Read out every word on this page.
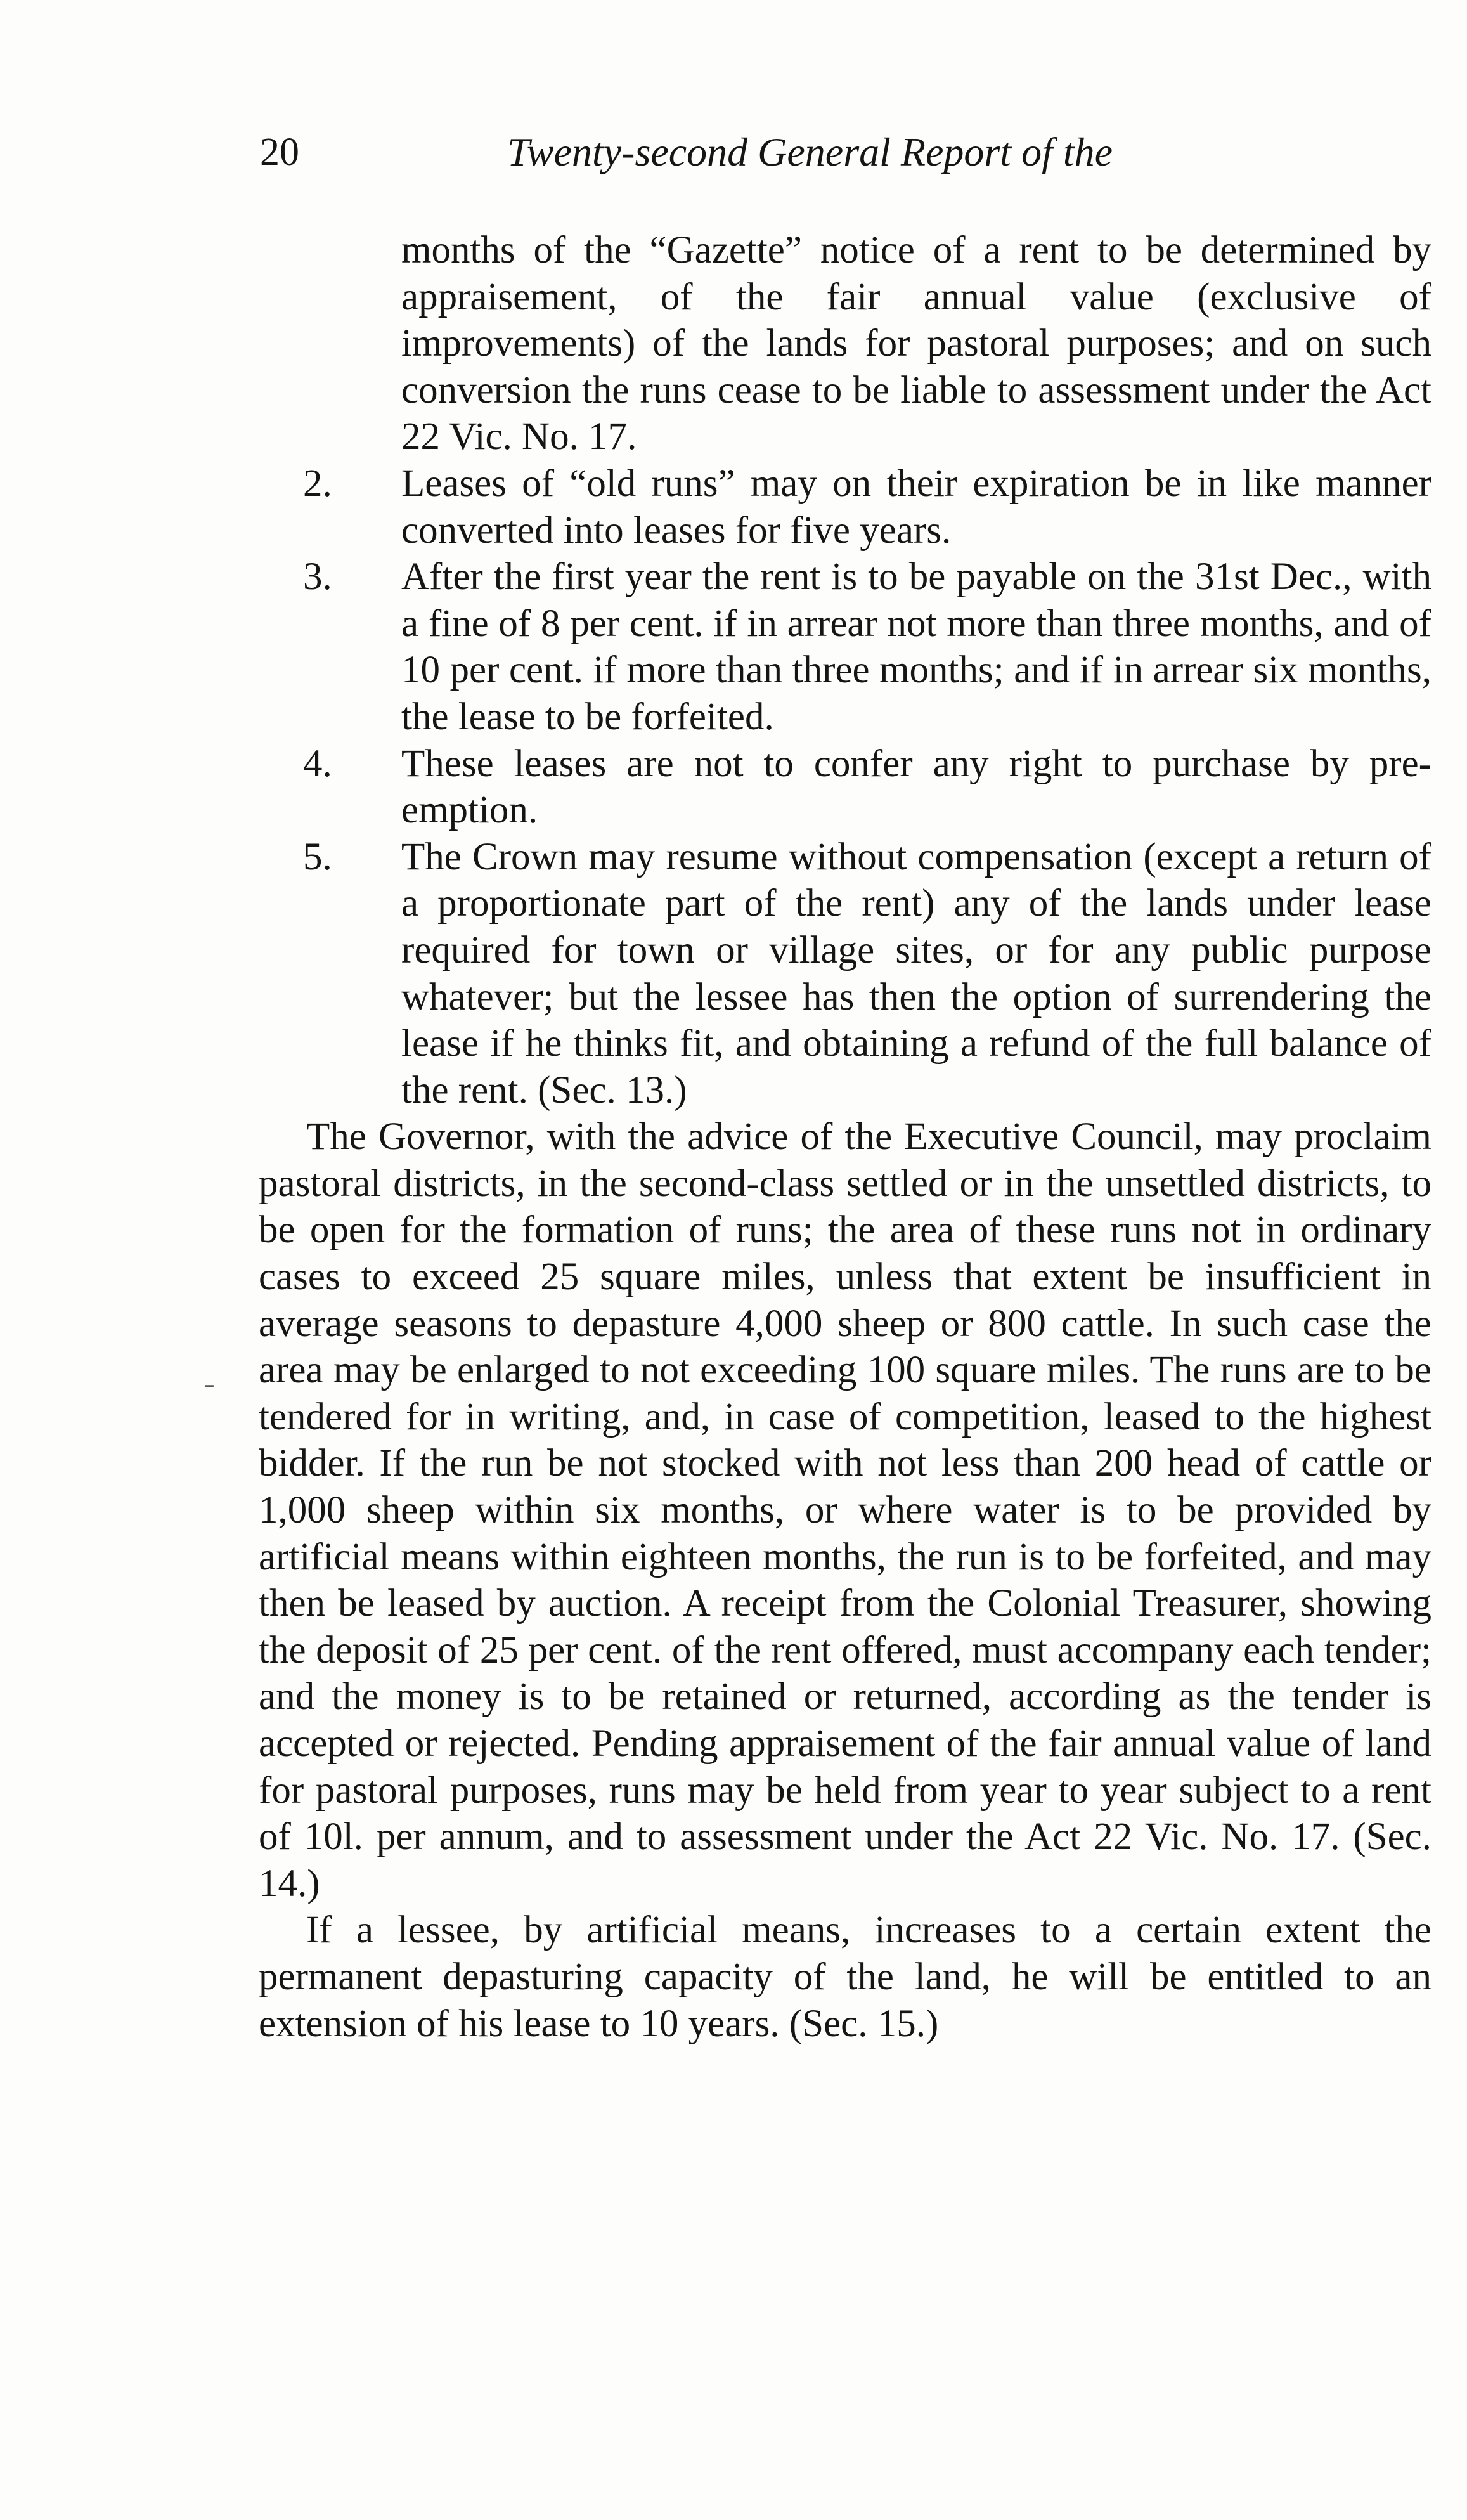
20	Twenty-second General Report of the
-

months of the “Gazette” notice of a rent to be determined by appraisement, of the fair annual value (exclusive of improvements) of the lands for pastoral purposes; and on such conversion the runs cease to be liable to assessment under the Act 22 Vic. No. 17.

2. Leases of “old runs” may on their expiration be in like manner converted into leases for five years.
3. After the first year the rent is to be payable on the 31st Dec., with a fine of 8 per cent. if in arrear not more than three months, and of 10 per cent. if more than three months; and if in arrear six months, the lease to be forfeited.
4. These leases are not to confer any right to purchase by pre-emption.
5. The Crown may resume without compensation (except a return of a proportionate part of the rent) any of the lands under lease required for town or village sites, or for any public purpose whatever; but the lessee has then the option of surrendering the lease if he thinks fit, and obtaining a refund of the full balance of the rent. (Sec. 13.)

The Governor, with the advice of the Executive Council, may proclaim pastoral districts, in the second-class settled or in the unsettled districts, to be open for the formation of runs; the area of these runs not in ordinary cases to exceed 25 square miles, unless that extent be insufficient in average seasons to depasture 4,000 sheep or 800 cattle. In such case the area may be enlarged to not exceeding 100 square miles. The runs are to be tendered for in writing, and, in case of competition, leased to the highest bidder. If the run be not stocked with not less than 200 head of cattle or 1,000 sheep within six months, or where water is to be provided by artificial means within eighteen months, the run is to be forfeited, and may then be leased by auction. A receipt from the Colonial Treasurer, showing the deposit of 25 per cent. of the rent offered, must accompany each tender; and the money is to be retained or returned, according as the tender is accepted or rejected. Pending appraisement of the fair annual value of land for pastoral purposes, runs may be held from year to year subject to a rent of 10l. per annum, and to assessment under the Act 22 Vic. No. 17. (Sec. 14.)

If a lessee, by artificial means, increases to a certain extent the permanent depasturing capacity of the land, he will be entitled to an extension of his lease to 10 years. (Sec. 15.)
